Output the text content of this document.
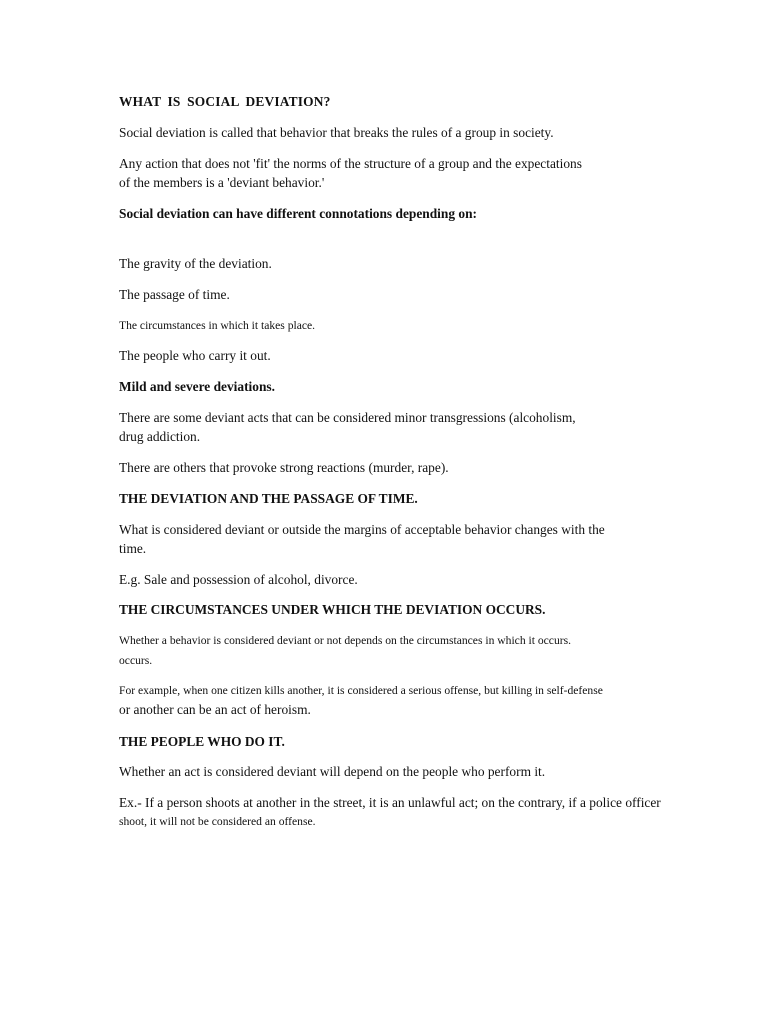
WHAT IS SOCIAL DEVIATION?

Social deviation is called that behavior that breaks the rules of a group in society.

Any action that does not 'fit' the norms of the structure of a group and the expectations

of the members is a 'deviant behavior.'

Social deviation can have different connotations depending on:

The gravity of the deviation.

The passage of time.

The circumstances in which it takes place.

The people who carry it out.

Mild and severe deviations.

There are some deviant acts that can be considered minor transgressions (alcoholism,

drug addiction.

There are others that provoke strong reactions (murder, rape).

THE DEVIATION AND THE PASSAGE OF TIME.

What is considered deviant or outside the margins of acceptable behavior changes with the

time.

E.g. Sale and possession of alcohol, divorce.

THE CIRCUMSTANCES UNDER WHICH THE DEVIATION OCCURS.

Whether a behavior is considered deviant or not depends on the circumstances in which it occurs.

occurs.

For example, when one citizen kills another, it is considered a serious offense, but killing in self-defense

or another can be an act of heroism.

THE PEOPLE WHO DO IT.

Whether an act is considered deviant will depend on the people who perform it.

Ex.- If a person shoots at another in the street, it is an unlawful act; on the contrary, if a police officer

shoot, it will not be considered an offense.
